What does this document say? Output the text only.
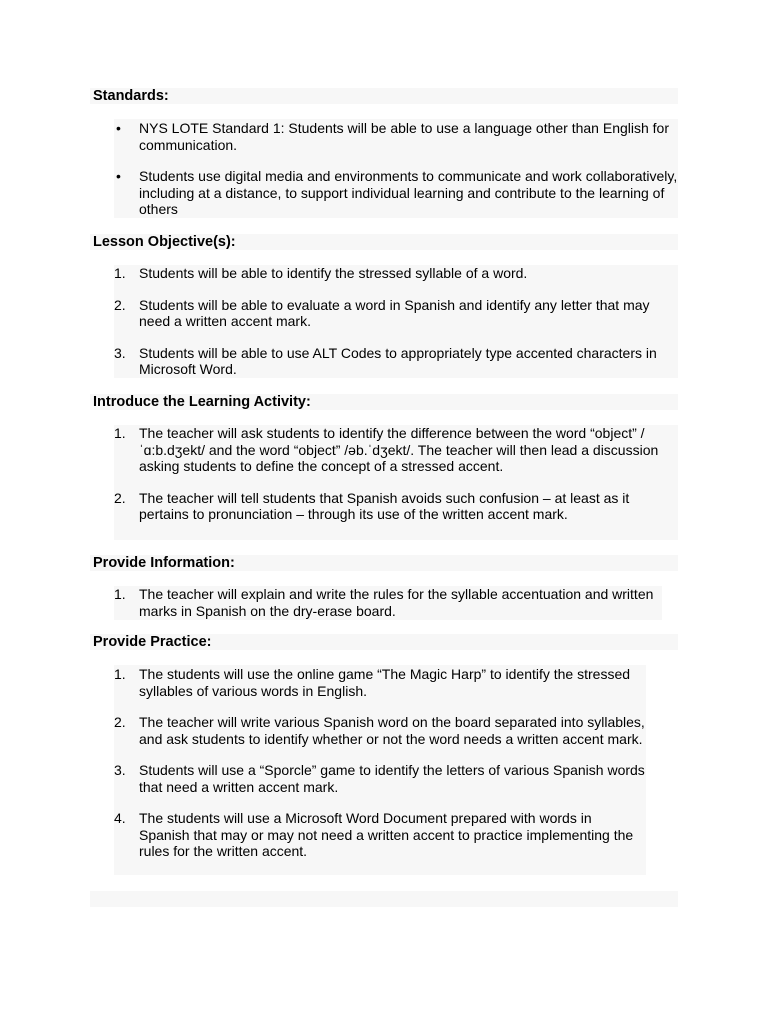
Standards:

•	NYS LOTE Standard 1: Students will be able to use a language other than English for communication.

•	Students use digital media and environments to communicate and work collaboratively, including at a distance, to support individual learning and contribute to the learning of others

Lesson Objective(s):

1. Students will be able to identify the stressed syllable of a word.

2. Students will be able to evaluate a word in Spanish and identify any letter that may need a written accent mark.

3. Students will be able to use ALT Codes to appropriately type accented characters in Microsoft Word.

Introduce the Learning Activity:

1. The teacher will ask students to identify the difference between the word “object” / ˈɑ:b.dʒekt/ and the word “object” /əb.ˈdʒekt/. The teacher will then lead a discussion asking students to define the concept of a stressed accent.

2. The teacher will tell students that Spanish avoids such confusion – at least as it pertains to pronunciation – through its use of the written accent mark.

Provide Information:

1. The teacher will explain and write the rules for the syllable accentuation and written marks in Spanish on the dry-erase board.

Provide Practice:

1. The students will use the online game “The Magic Harp” to identify the stressed syllables of various words in English.

2. The teacher will write various Spanish word on the board separated into syllables, and ask students to identify whether or not the word needs a written accent mark.

3. Students will use a “Sporcle” game to identify the letters of various Spanish words that need a written accent mark.

4. The students will use a Microsoft Word Document prepared with words in Spanish that may or may not need a written accent to practice implementing the rules for the written accent.
